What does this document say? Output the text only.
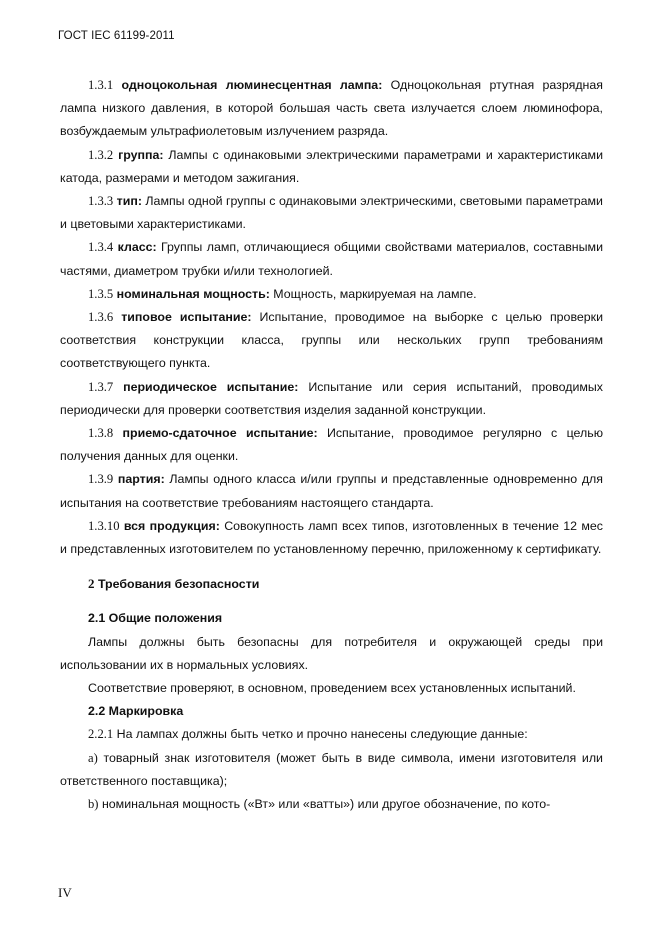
ГОСТ IEC 61199-2011

1.3.1 одноцокольная люминесцентная лампа: Одноцокольная ртутная разрядная лампа низкого давления, в которой большая часть света излучается слоем люминофора, возбуждаемым ультрафиолетовым излучением разряда.

1.3.2 группа: Лампы с одинаковыми электрическими параметрами и характеристиками катода, размерами и методом зажигания.

1.3.3 тип: Лампы одной группы с одинаковыми электрическими, световыми параметрами и цветовыми характеристиками.

1.3.4 класс: Группы ламп, отличающиеся общими свойствами материалов, составными частями, диаметром трубки и/или технологией.

1.3.5 номинальная мощность: Мощность, маркируемая на лампе.

1.3.6 типовое испытание: Испытание, проводимое на выборке с целью проверки соответствия конструкции класса, группы или нескольких групп требованиям соответствующего пункта.

1.3.7 периодическое испытание: Испытание или серия испытаний, проводимых периодически для проверки соответствия изделия заданной конструкции.

1.3.8 приемо-сдаточное испытание: Испытание, проводимое регулярно с целью получения данных для оценки.

1.3.9 партия: Лампы одного класса и/или группы и представленные одновременно для испытания на соответствие требованиям настоящего стандарта.

1.3.10 вся продукция: Совокупность ламп всех типов, изготовленных в течение 12 мес и представленных изготовителем по установленному перечню, приложенному к сертификату.

2 Требования безопасности

2.1 Общие положения

Лампы должны быть безопасны для потребителя и окружающей среды при использовании их в нормальных условиях.

Соответствие проверяют, в основном, проведением всех установленных испытаний.

2.2 Маркировка

2.2.1 На лампах должны быть четко и прочно нанесены следующие данные:

a) товарный знак изготовителя (может быть в виде символа, имени изготовителя или ответственного поставщика);

b) номинальная мощность («Вт» или «ватты») или другое обозначение, по кото-

IV
